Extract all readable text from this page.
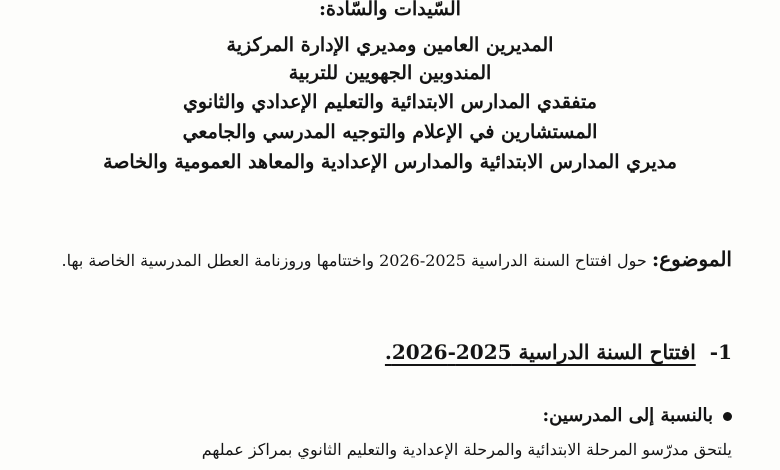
السّيدات والسّادة:
المديرين العامين ومديري الإدارة المركزية
المندوبين الجهويين للتربية
متفقدي المدارس الابتدائية والتعليم الإعدادي والثانوي
المستشارين في الإعلام والتوجيه المدرسي والجامعي
مديري المدارس الابتدائية والمدارس الإعدادية والمعاهد العمومية والخاصة
الموضوع: حول افتتاح السنة الدراسية 2025-2026 واختتامها وروزنامة العطل المدرسية الخاصة بها.
1-افتتاح السنة الدراسية 2025-2026.
بالنسبة إلى المدرسين:
يلتحق مدرّسو المرحلة الابتدائية والمرحلة الإعدادية والتعليم الثانوي بمراكز عملهم
